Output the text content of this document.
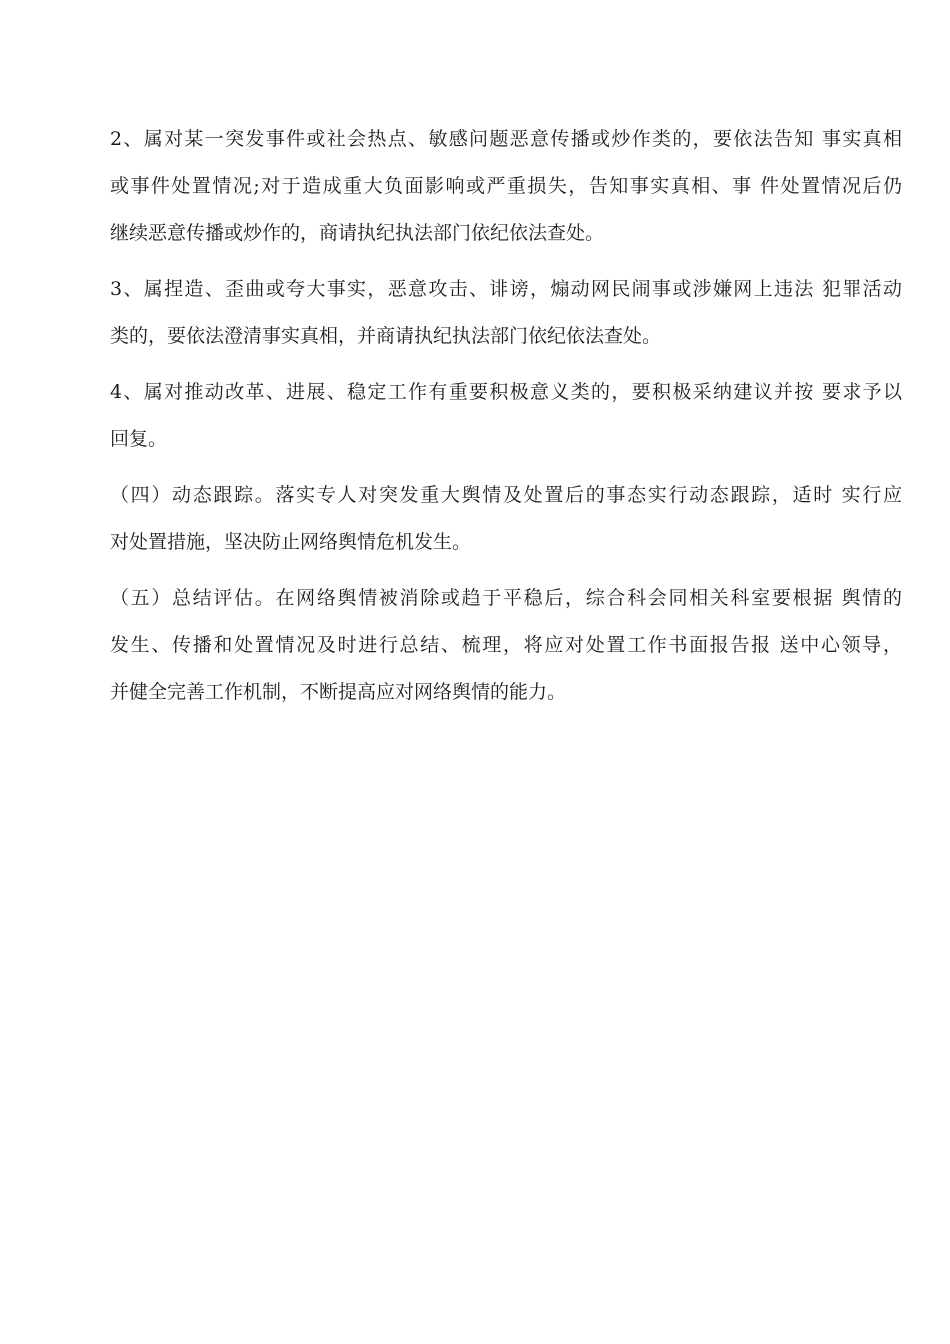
2、属对某一突发事件或社会热点、敏感问题恶意传播或炒作类的，要依法告知 事实真相
或事件处置情况;对于造成重大负面影响或严重损失，告知事实真相、事 件处置情况后仍
继续恶意传播或炒作的，商请执纪执法部门依纪依法查处。
3、属捏造、歪曲或夸大事实，恶意攻击、诽谤，煽动网民闹事或涉嫌网上违法 犯罪活动
类的，要依法澄清事实真相，并商请执纪执法部门依纪依法查处。
4、属对推动改革、进展、稳定工作有重要积极意义类的，要积极采纳建议并按 要求予以
回复。
（四）动态跟踪。落实专人对突发重大舆情及处置后的事态实行动态跟踪，适时 实行应
对处置措施，坚决防止网络舆情危机发生。
（五）总结评估。在网络舆情被消除或趋于平稳后，综合科会同相关科室要根据 舆情的
发生、传播和处置情况及时进行总结、梳理，将应对处置工作书面报告报 送中心领导，
并健全完善工作机制，不断提高应对网络舆情的能力。
